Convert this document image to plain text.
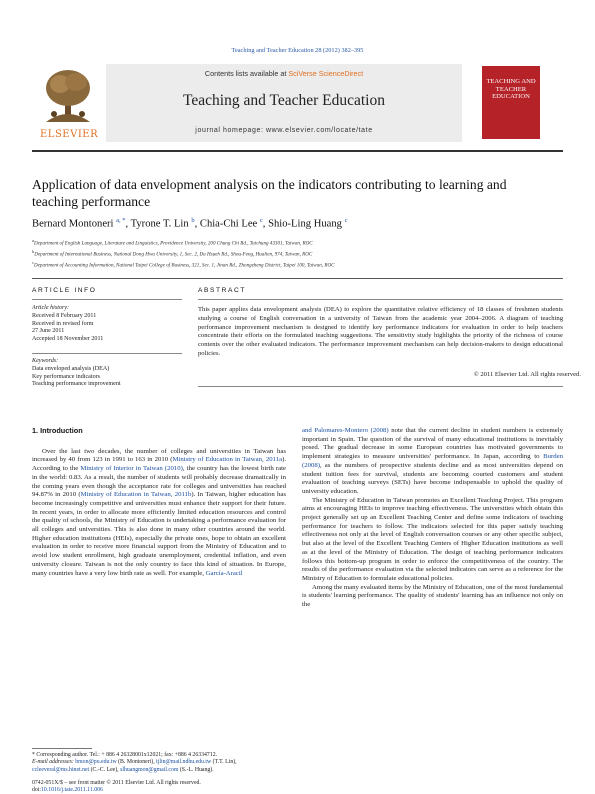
Teaching and Teacher Education 28 (2012) 382–395
ELSEVIER
Contents lists available at SciVerse ScienceDirect
Teaching and Teacher Education
journal homepage: www.elsevier.com/locate/tate
TEACHING AND TEACHER EDUCATION
Application of data envelopment analysis on the indicators contributing to learning and teaching performance
Bernard Montoneri $^{a, *}$, Tyrone T. Lin $^b$, Chia-Chi Lee $^c$, Shio-Ling Huang $^c$
$^a$Department of English Language, Literature and Linguistics, Providence University, 200 Chung Chi Rd., Taichung 43301, Taiwan, ROC
$^b$Department of International Business, National Dong Hwa University, 1, Sec. 2, Da Hsueh Rd., Shou-Feng, Hualien, 974, Taiwan, ROC
$^c$Department of Accounting Information, National Taipei College of Business, 321, Sec. 1, Jinan Rd., Zhongzheng District, Taipei 100, Taiwan, ROC
ARTICLE INFO	ABSTRACT
Article history:
Received 8 February 2011
Received in revised form
27 June 2011
Accepted 18 November 2011
Keywords:
Data enveloped analysis (DEA)
Key performance indicators
Teaching performance improvement
This paper applies data envelopment analysis (DEA) to explore the quantitative relative efficiency of 18 classes of freshmen students studying a course of English conversation in a university of Taiwan from the academic year 2004–2006. A diagram of teaching performance improvement mechanism is designed to identify key performance indicators for evaluation in order to help teachers concentrate their efforts on the formulated teaching suggestions. The sensitivity study highlights the priority of the richness of course contents over the other evaluated indicators. The performance improvement mechanism can help decision-makers to design educational policies.
© 2011 Elsevier Ltd. All rights reserved.
1. Introduction

Over the last two decades, the number of colleges and universities in Taiwan has increased by 40 from 123 in 1991 to 163 in 2010 (Ministry of Education in Taiwan, 2011a). According to the Ministry of Interior in Taiwan (2010), the country has the lowest birth rate in the world: 0.83. As a result, the number of students will probably decrease dramatically in the coming years even though the acceptance rate for colleges and universities has reached 94.87% in 2010 (Ministry of Education in Taiwan, 2011b). In Taiwan, higher education has become increasingly competitive and universities must enhance their support for their future. In recent years, in order to allocate more efficiently limited education resources and control the quality of schools, the Ministry of Education is undertaking a performance evaluation for all colleges and universities. This is also done in many other countries around the world. Higher education institutions (HEIs), especially the private ones, hope to obtain an excellent evaluation in order to receive more financial support from the Ministry of Education and to avoid low student enrollment, high graduate unemployment, credential inflation, and even university closure. Taiwan is not the only country to face this kind of situation. In Europe, many countries have a very low birth rate as well. For example, García-Aracil

and Palomares-Montero (2008) note that the current decline in student numbers is extremely important in Spain. The question of the survival of many educational institutions is inevitably posed. The gradual decrease in some European countries has motivated governments to implement strategies to measure universities' performance. In Japan, according to Burden (2008), as the numbers of prospective students decline and as most universities depend on student tuition fees for survival, students are becoming courted customers and student evaluation of teaching surveys (SETs) have become indispensable to uphold the quality of university education.

The Ministry of Education in Taiwan promotes an Excellent Teaching Project. This program aims at encouraging HEIs to improve teaching effectiveness. The universities which obtain this project generally set up an Excellent Teaching Center and define some indicators of teaching performance for teachers to follow. The indicators selected for this paper satisfy teaching effectiveness not only at the level of English conversation courses or any other specific subject, but also at the level of the Excellent Teaching Centers of Higher Education institutions as well as at the level of the Ministry of Education. The design of teaching performance indicators follows this bottom-up program in order to enforce the competitiveness of the country. The results of the performance evaluation via the selected indicators can serve as a reference for the Ministry of Education to formulate educational policies.

Among the many evaluated items by the Ministry of Education, one of the most fundamental is students' learning performance. The quality of students' learning has an influence not only on the

* Corresponding author. Tel.: + 886 4 26328001x12021; fax: +886 4 26334712.
E-mail addresses: bmon@pu.edu.tw (B. Montoneri), tjlin@mail.ndhu.edu.tw (T.T. Lin), ccleeveral@ms.hinet.net (C.-C. Lee), slhuangmon@gmail.com (S.-L. Huang).
0742-051X/$ – see front matter © 2011 Elsevier Ltd. All rights reserved.
doi:10.1016/j.tate.2011.11.006
